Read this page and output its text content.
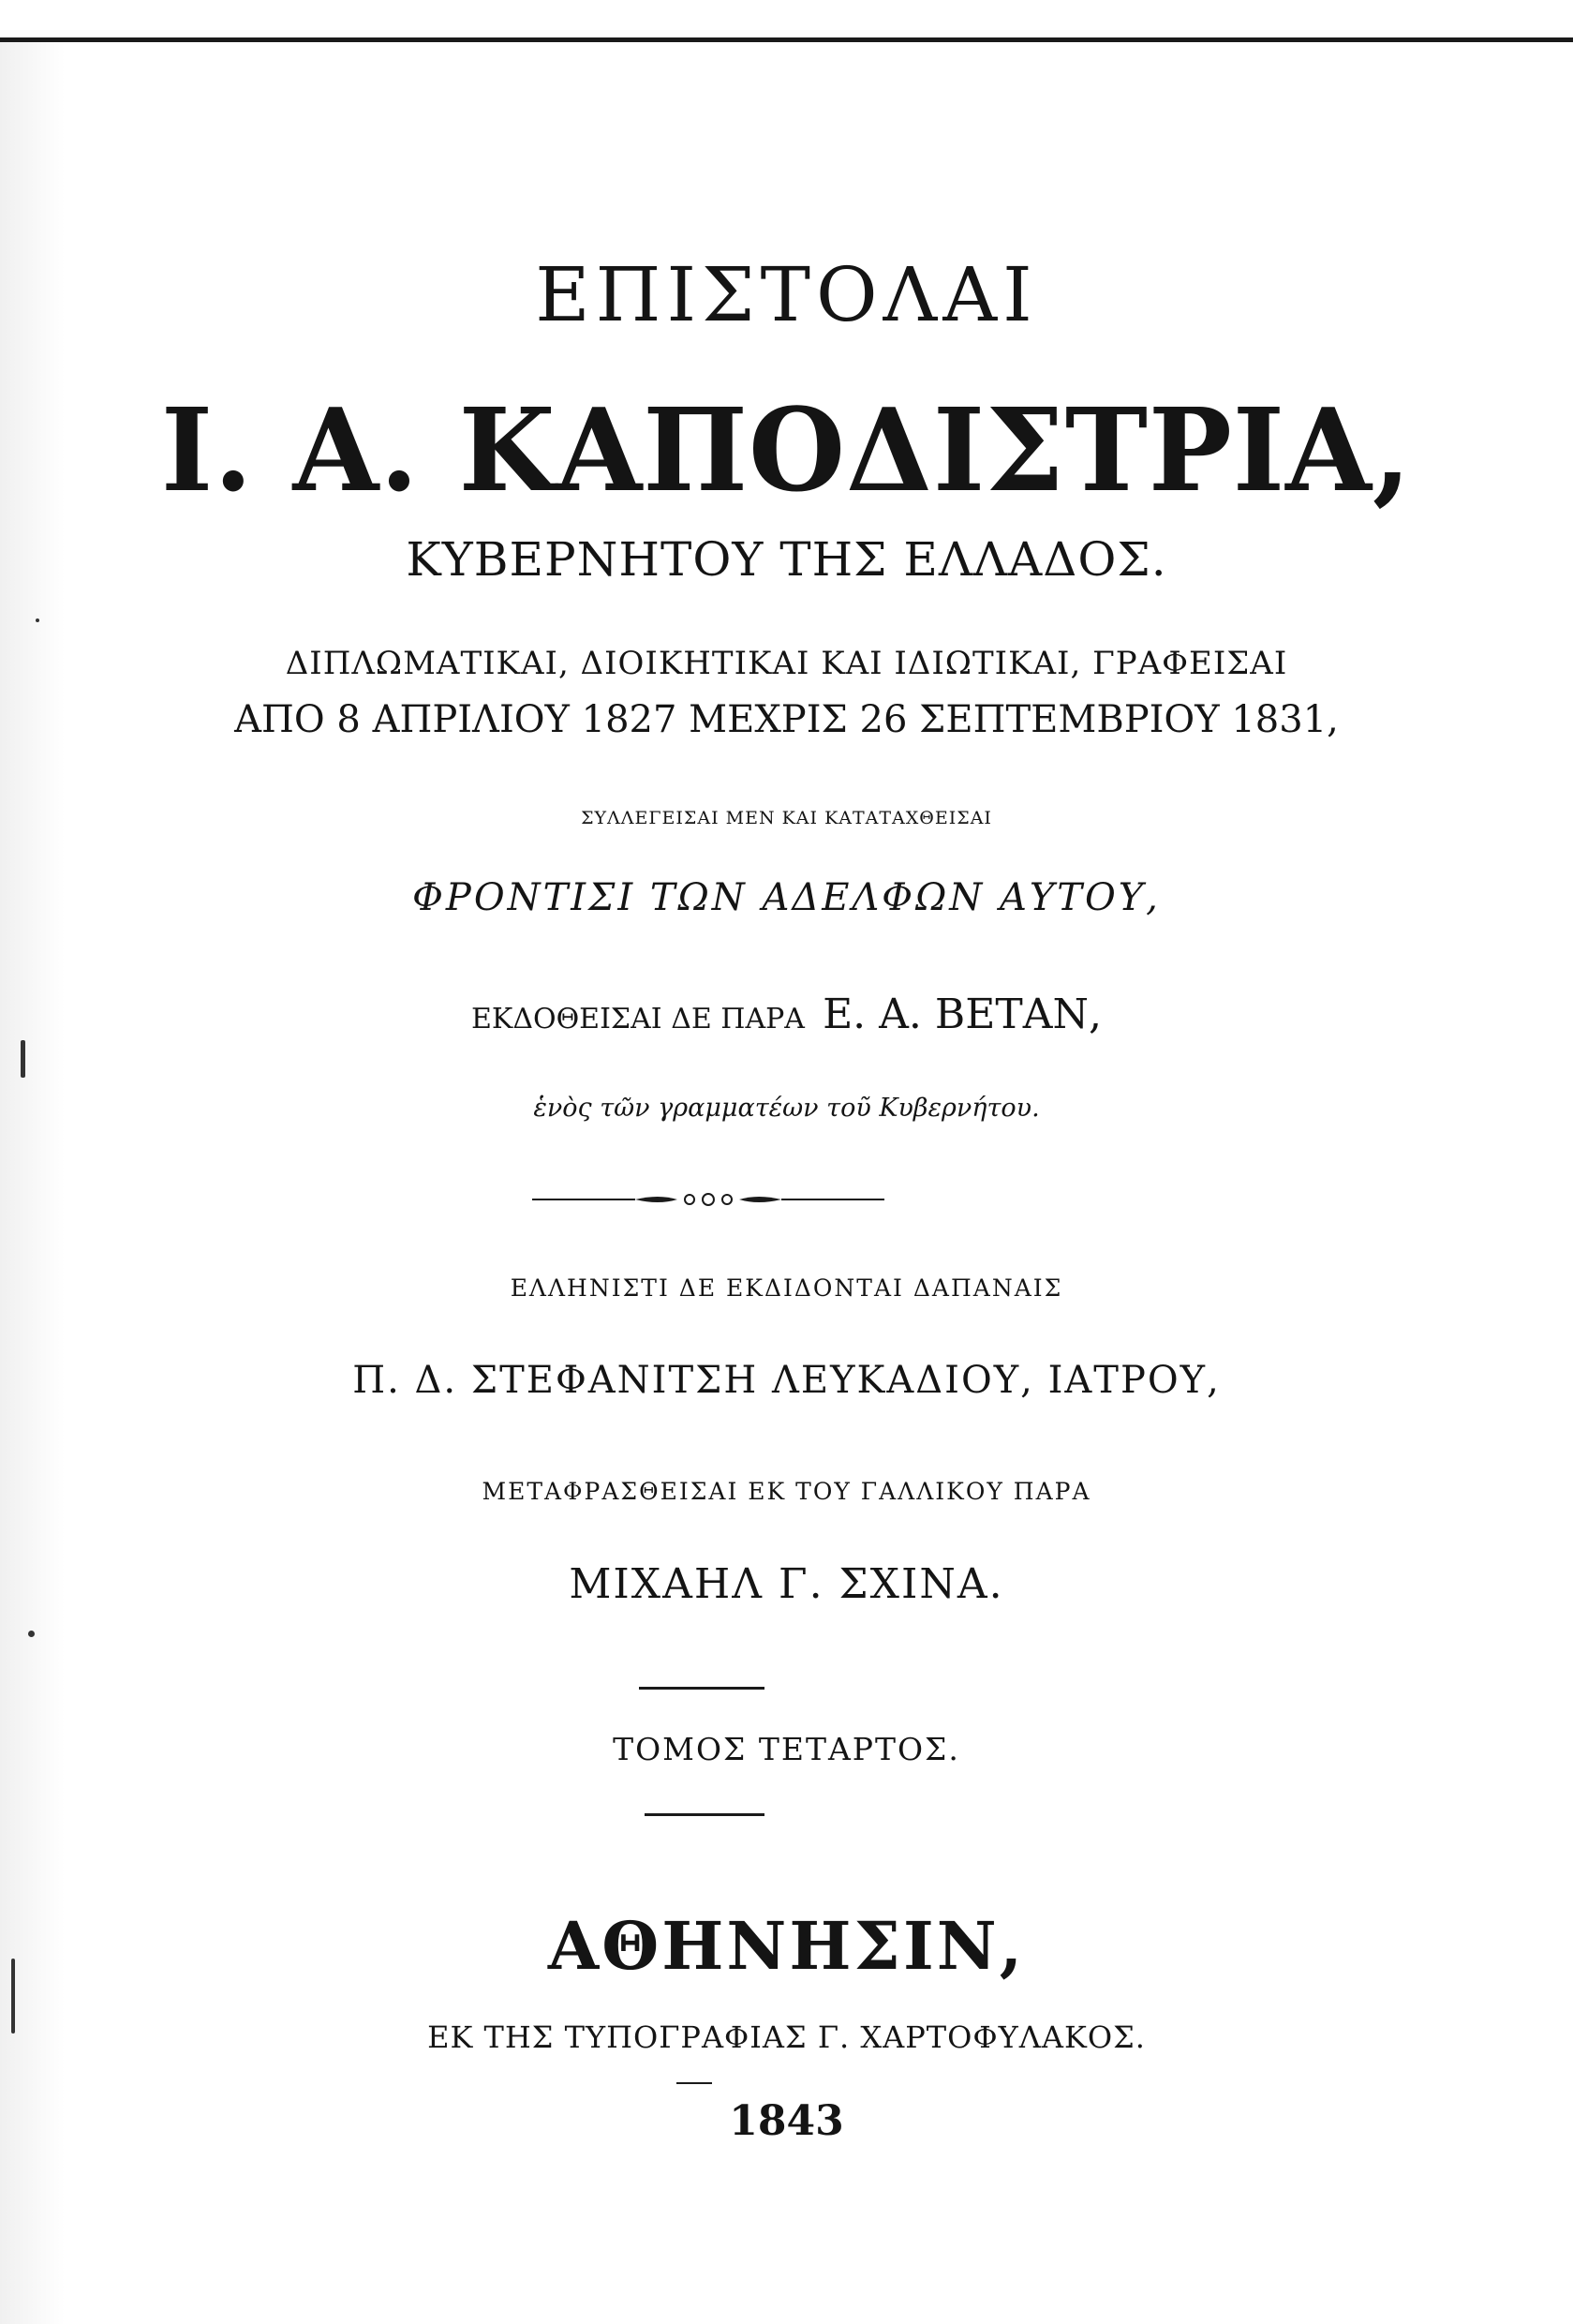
ΕΠΙΣΤΟΛΑΙ

Ι. Α. ΚΑΠΟΔΙΣΤΡΙΑ,

ΚΥΒΕΡΝΗΤΟΥ ΤΗΣ ΕΛΛΑΔΟΣ.

ΔΙΠΛΩΜΑΤΙΚΑΙ, ΔΙΟΙΚΗΤΙΚΑΙ ΚΑΙ ΙΔΙΩΤΙΚΑΙ, ΓΡΑΦΕΙΣΑΙ

ΑΠΟ 8 ΑΠΡΙΛΙΟΥ 1827 ΜΕΧΡΙΣ 26 ΣΕΠΤΕΜΒΡΙΟΥ 1831,

ΣΥΛΛΕΓΕΙΣΑΙ ΜΕΝ ΚΑΙ ΚΑΤΑΤΑΧΘΕΙΣΑΙ

ΦΡΟΝΤΙΣΙ ΤΩΝ ΑΔΕΛΦΩΝ ΑΥΤΟΥ,

ΕΚΔΟΘΕΙΣΑΙ ΔΕ ΠΑΡΑ Ε. Α. ΒΕΤΑΝ,

ἑνὸς τῶν γραμματέων τοῦ Κυβερνήτου.

ΕΛΛΗΝΙΣΤΙ ΔΕ ΕΚΔΙΔΟΝΤΑΙ ΔΑΠΑΝΑΙΣ

Π. Δ. ΣΤΕΦΑΝΙΤΣΗ ΛΕΥΚΑΔΙΟΥ, ΙΑΤΡΟΥ,

ΜΕΤΑΦΡΑΣΘΕΙΣΑΙ ΕΚ ΤΟΥ ΓΑΛΛΙΚΟΥ ΠΑΡΑ

ΜΙΧΑΗΛ Γ. ΣΧΙΝΑ.

ΤΟΜΟΣ ΤΕΤΑΡΤΟΣ.

ΑΘΗΝΗΣΙΝ,

ΕΚ ΤΗΣ ΤΥΠΟΓΡΑΦΙΑΣ Γ. ΧΑΡΤΟΦΥΛΑΚΟΣ.

1843
